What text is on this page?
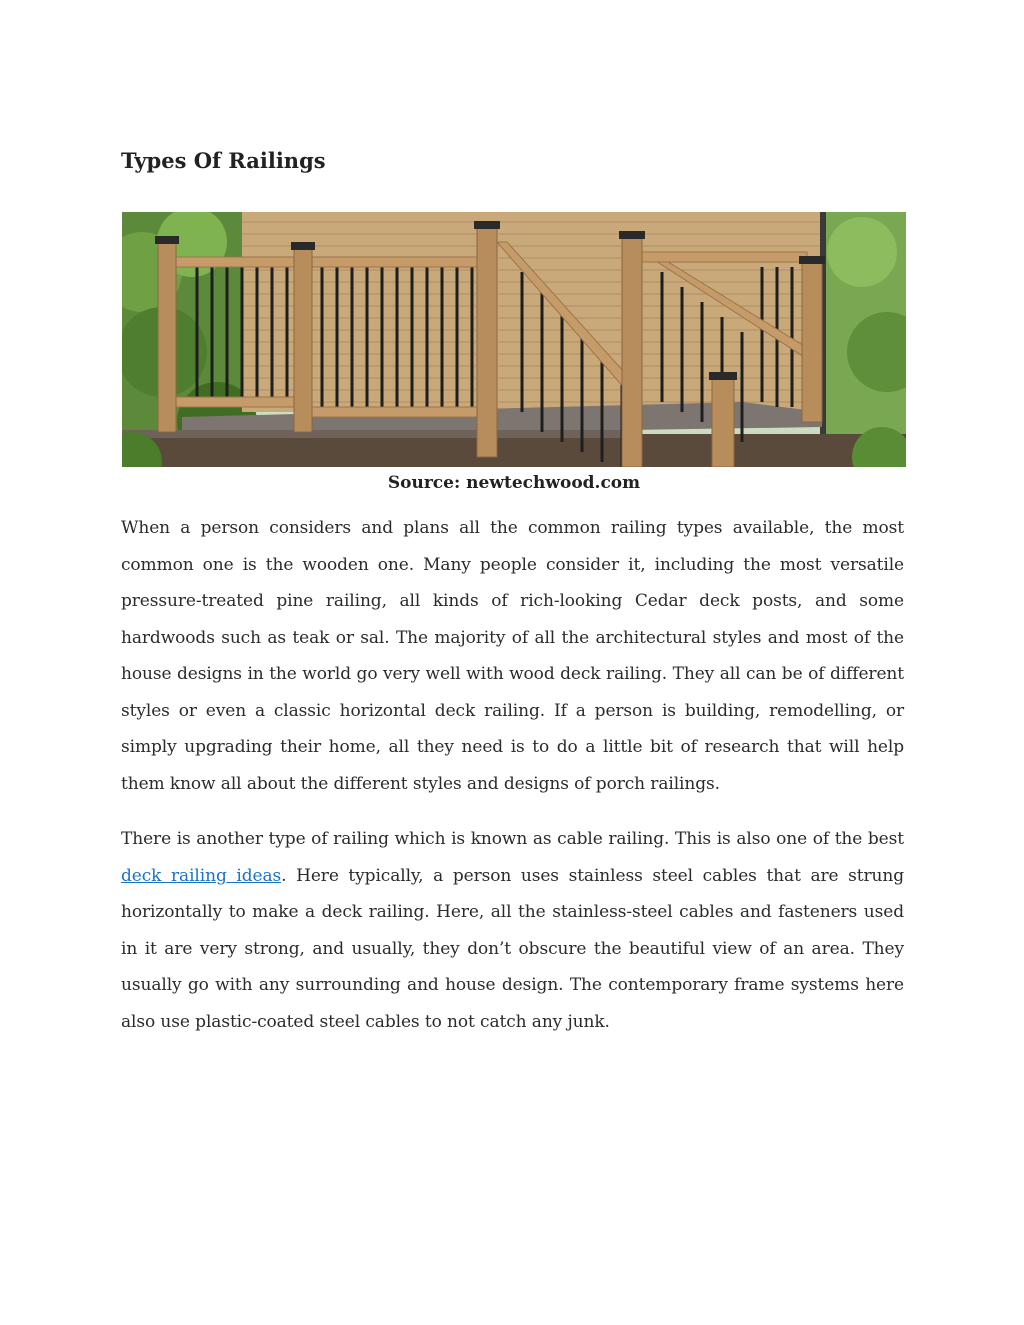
Types Of Railings
Source: newtechwood.com

When a person considers and plans all the common railing types available, the most common one is the wooden one. Many people consider it, including the most versatile pressure-treated pine railing, all kinds of rich-looking Cedar deck posts, and some hardwoods such as teak or sal. The majority of all the architectural styles and most of the house designs in the world go very well with wood deck railing. They all can be of different styles or even a classic horizontal deck railing. If a person is building, remodelling, or simply upgrading their home, all they need is to do a little bit of research that will help them know all about the different styles and designs of porch railings.

There is another type of railing which is known as cable railing. This is also one of the best deck railing ideas. Here typically, a person uses stainless steel cables that are strung horizontally to make a deck railing. Here, all the stainless-steel cables and fasteners used in it are very strong, and usually, they don’t obscure the beautiful view of an area. They usually go with any surrounding and house design. The contemporary frame systems here also use plastic-coated steel cables to not catch any junk.
